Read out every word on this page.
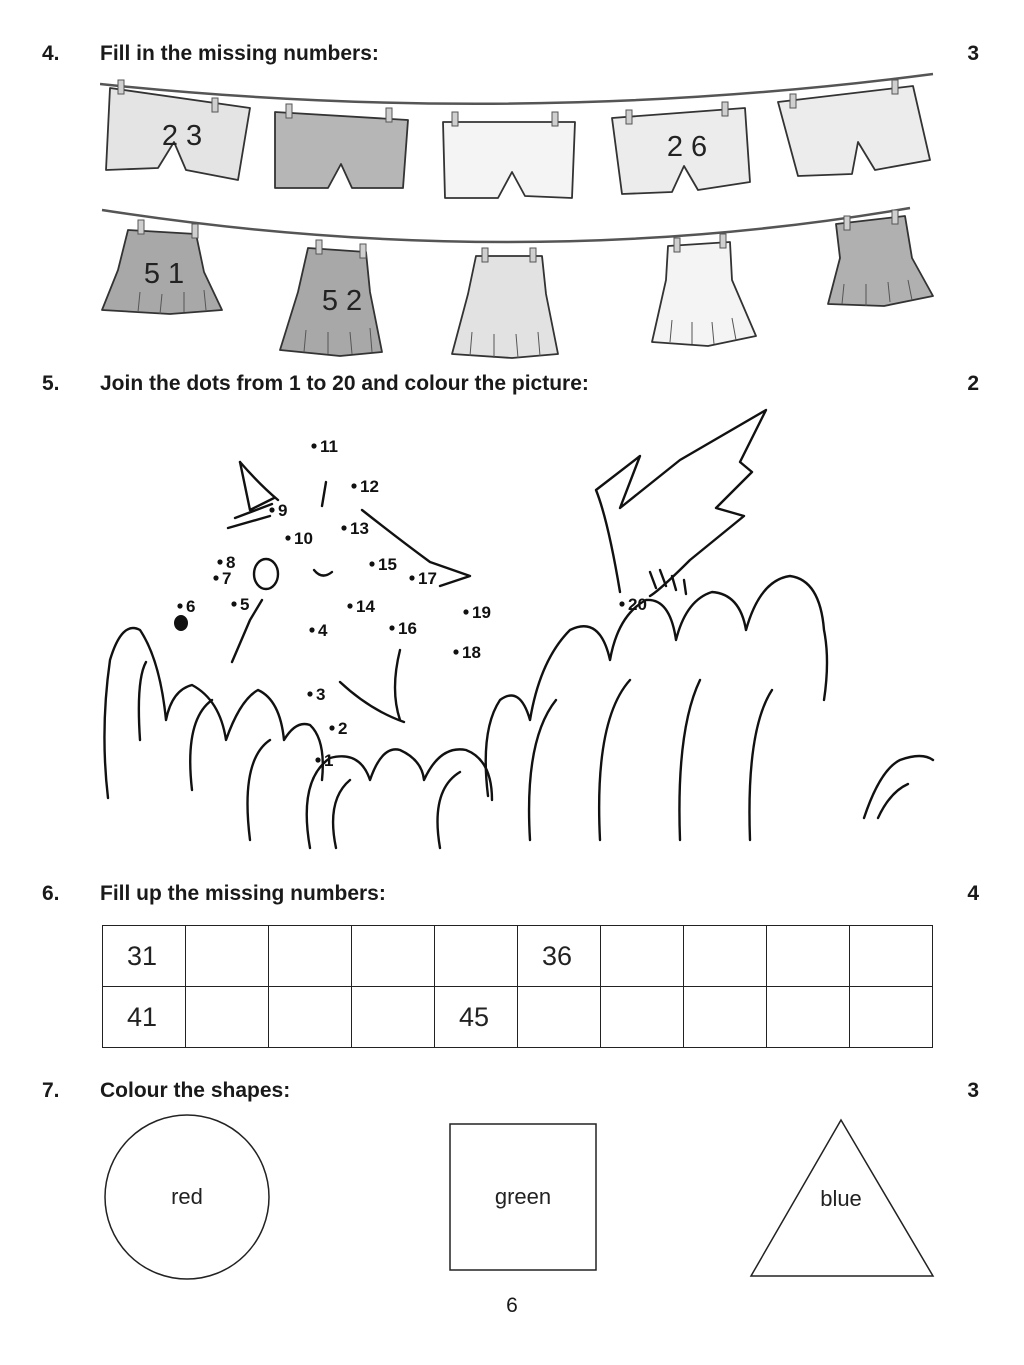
4. Fill in the missing numbers:	3
2 3	2 6
5 1
5 2
5. Join the dots from 1 to 20 and colour the picture:	2
1
2
3
4
5
6
7
8
9
10
11
12
13
15
14
16
17
18
19	20
6. Fill up the missing numbers:	4
31					36				
41				45					
7. Colour the shapes:	3
red	green	blue
6
